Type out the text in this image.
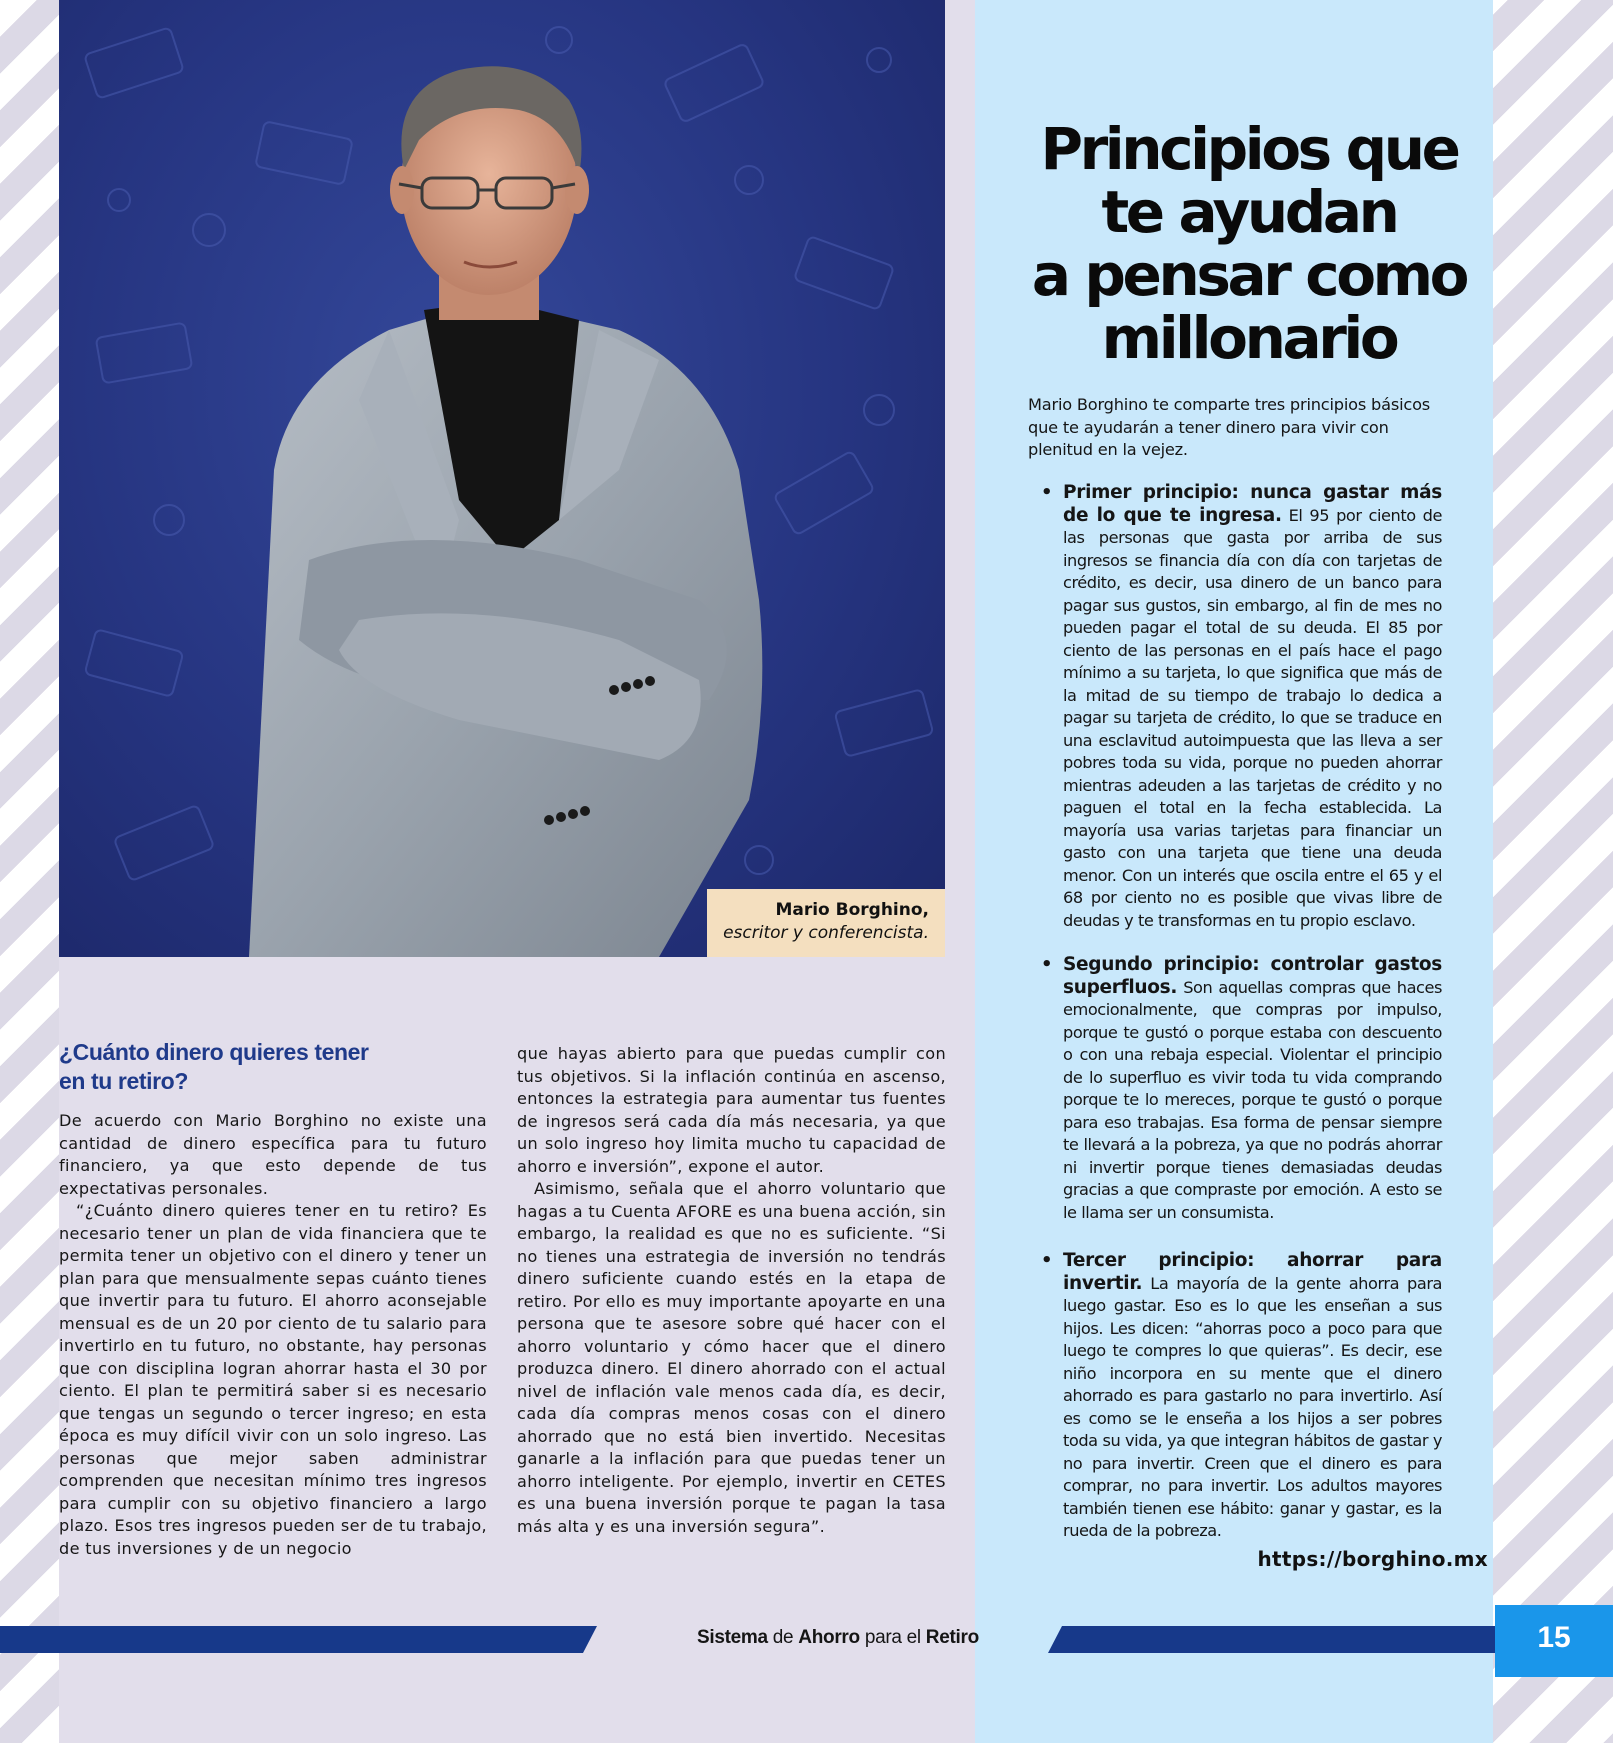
Mario Borghino,
escritor y conferencista.
¿Cuánto dinero quieres tener
en tu retiro?

De acuerdo con Mario Borghino no existe una cantidad de dinero específica para tu futuro financiero, ya que esto depende de tus expectativas personales.

“¿Cuánto dinero quieres tener en tu retiro? Es necesario tener un plan de vida financiera que te permita tener un objetivo con el dinero y tener un plan para que mensualmente sepas cuánto tienes que invertir para tu futuro. El ahorro aconsejable mensual es de un 20 por ciento de tu salario para invertirlo en tu futuro, no obstante, hay personas que con disciplina logran ahorrar hasta el 30 por ciento. El plan te permitirá saber si es necesario que tengas un segundo o tercer ingreso; en esta época es muy difícil vivir con un solo ingreso. Las personas que mejor saben administrar comprenden que necesitan mínimo tres ingresos para cumplir con su objetivo financiero a largo plazo. Esos tres ingresos pueden ser de tu trabajo, de tus inversiones y de un negocio

que hayas abierto para que puedas cumplir con tus objetivos. Si la inflación continúa en ascenso, entonces la estrategia para aumentar tus fuentes de ingresos será cada día más necesaria, ya que un solo ingreso hoy limita mucho tu capacidad de ahorro e inversión”, expone el autor.

Asimismo, señala que el ahorro voluntario que hagas a tu Cuenta AFORE es una buena acción, sin embargo, la realidad es que no es suficiente. “Si no tienes una estrategia de inversión no tendrás dinero suficiente cuando estés en la etapa de retiro. Por ello es muy importante apoyarte en una persona que te asesore sobre qué hacer con el ahorro voluntario y cómo hacer que el dinero produzca dinero. El dinero ahorrado con el actual nivel de inflación vale menos cada día, es decir, cada día compras menos cosas con el dinero ahorrado que no está bien invertido. Necesitas ganarle a la inflación para que puedas tener un ahorro inteligente. Por ejemplo, invertir en CETES es una buena inversión porque te pagan la tasa más alta y es una inversión segura”.

Principios que
te ayudan
a pensar como
millonario

Mario Borghino te comparte tres principios básicos que te ayudarán a tener dinero para vivir con plenitud en la vejez.

• Primer principio: nunca gastar más de lo que te ingresa. El 95 por ciento de las personas que gasta por arriba de sus ingresos se financia día con día con tarjetas de crédito, es decir, usa dinero de un banco para pagar sus gustos, sin embargo, al fin de mes no pueden pagar el total de su deuda. El 85 por ciento de las personas en el país hace el pago mínimo a su tarjeta, lo que significa que más de la mitad de su tiempo de trabajo lo dedica a pagar su tarjeta de crédito, lo que se traduce en una esclavitud autoimpuesta que las lleva a ser pobres toda su vida, porque no pueden ahorrar mientras adeuden a las tarjetas de crédito y no paguen el total en la fecha establecida. La mayoría usa varias tarjetas para financiar un gasto con una tarjeta que tiene una deuda menor. Con un interés que oscila entre el 65 y el 68 por ciento no es posible que vivas libre de deudas y te transformas en tu propio esclavo.
• Segundo principio: controlar gastos superfluos. Son aquellas compras que haces emocionalmente, que compras por impulso, porque te gustó o porque estaba con descuento o con una rebaja especial. Violentar el principio de lo superfluo es vivir toda tu vida comprando porque te lo mereces, porque te gustó o porque para eso trabajas. Esa forma de pensar siempre te llevará a la pobreza, ya que no podrás ahorrar ni invertir porque tienes demasiadas deudas gracias a que compraste por emoción. A esto se le llama ser un consumista.
• Tercer principio: ahorrar para invertir. La mayoría de la gente ahorra para luego gastar. Eso es lo que les enseñan a sus hijos. Les dicen: “ahorras poco a poco para que luego te compres lo que quieras”. Es decir, ese niño incorpora en su mente que el dinero ahorrado es para gastarlo no para invertirlo. Así es como se le enseña a los hijos a ser pobres toda su vida, ya que integran hábitos de gastar y no para invertir. Creen que el dinero es para comprar, no para invertir. Los adultos mayores también tienen ese hábito: ganar y gastar, es la rueda de la pobreza.
https://borghino.mx
Sistema de Ahorro para el Retiro	15
